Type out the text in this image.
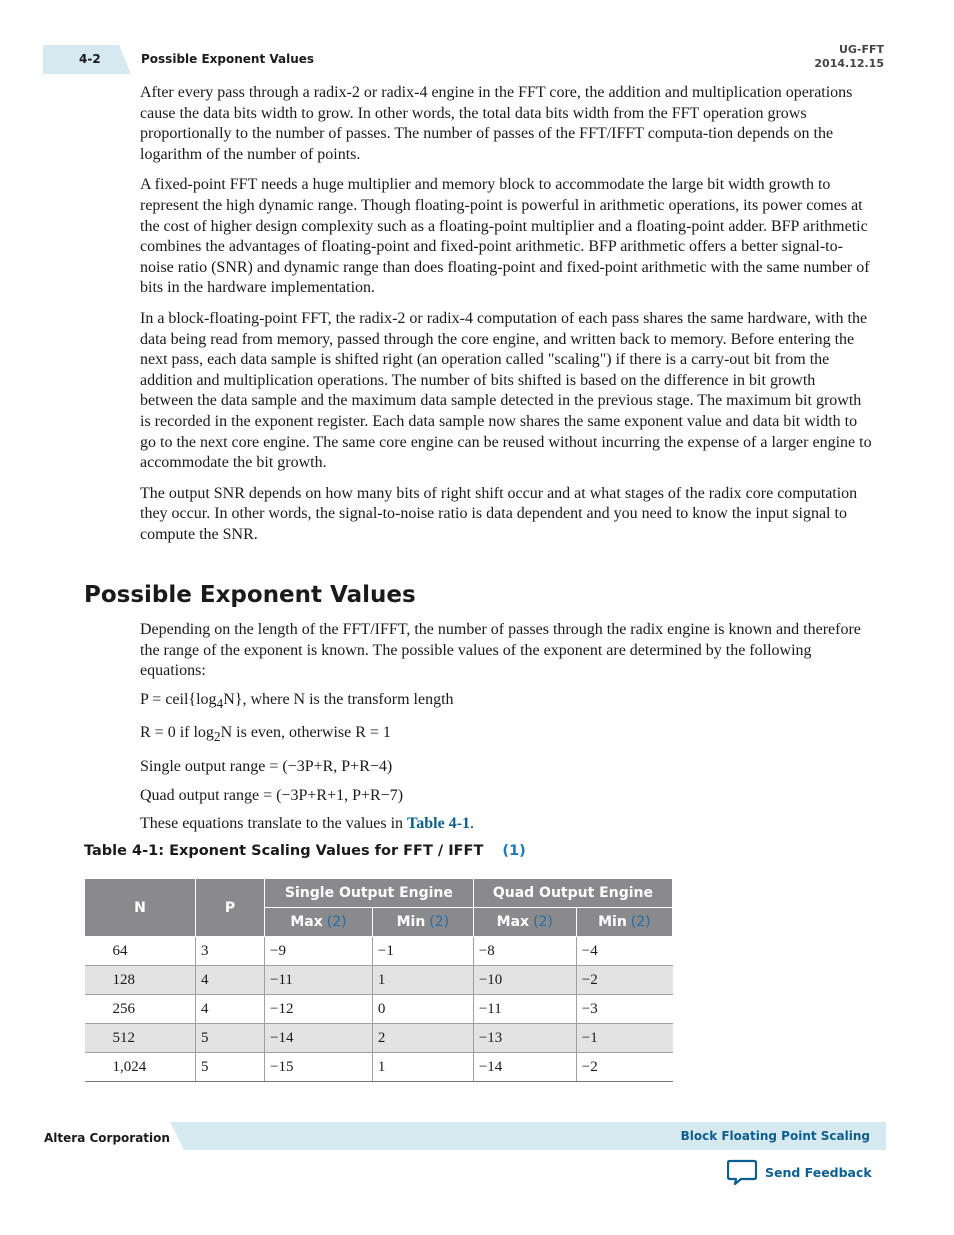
4-2	Possible Exponent Values
UG-FFT
2014.12.15

After every pass through a radix-2 or radix-4 engine in the FFT core, the addition and multiplication operations cause the data bits width to grow. In other words, the total data bits width from the FFT operation grows proportionally to the number of passes. The number of passes of the FFT/IFFT computa-tion depends on the logarithm of the number of points.

A fixed-point FFT needs a huge multiplier and memory block to accommodate the large bit width growth to represent the high dynamic range. Though floating-point is powerful in arithmetic operations, its power comes at the cost of higher design complexity such as a floating-point multiplier and a floating-point adder. BFP arithmetic combines the advantages of floating-point and fixed-point arithmetic. BFP arithmetic offers a better signal-to-noise ratio (SNR) and dynamic range than does floating-point and fixed-point arithmetic with the same number of bits in the hardware implementation.

In a block-floating-point FFT, the radix-2 or radix-4 computation of each pass shares the same hardware, with the data being read from memory, passed through the core engine, and written back to memory. Before entering the next pass, each data sample is shifted right (an operation called "scaling") if there is a carry-out bit from the addition and multiplication operations. The number of bits shifted is based on the difference in bit growth between the data sample and the maximum data sample detected in the previous stage. The maximum bit growth is recorded in the exponent register. Each data sample now shares the same exponent value and data bit width to go to the next core engine. The same core engine can be reused without incurring the expense of a larger engine to accommodate the bit growth.

The output SNR depends on how many bits of right shift occur and at what stages of the radix core computation they occur. In other words, the signal-to-noise ratio is data dependent and you need to know the input signal to compute the SNR.

Possible Exponent Values

Depending on the length of the FFT/IFFT, the number of passes through the radix engine is known and therefore the range of the exponent is known. The possible values of the exponent are determined by the following equations:

$P = ceil\{\log_4N\}$, where N is the transform length

R = 0 if $\log_2N$ is even, otherwise R = 1

Single output range = (−3P+R, P+R−4)

Quad output range = (−3P+R+1, P+R−7)

These equations translate to the values in Table 4-1.

Table 4-1: Exponent Scaling Values for FFT / IFFT (1)
N	P	Single Output Engine		Quad Output Engine	
		Max (2)	Min (2)	Max (2)	Min (2)
64	3	−9	−1	−8	−4
128	4	−11	1	−10	−2
256	4	−12	0	−11	−3
512	5	−14	2	−13	−1
1,024	5	−15	1	−14	−2
Altera Corporation	Block Floating Point Scaling
Send Feedback
